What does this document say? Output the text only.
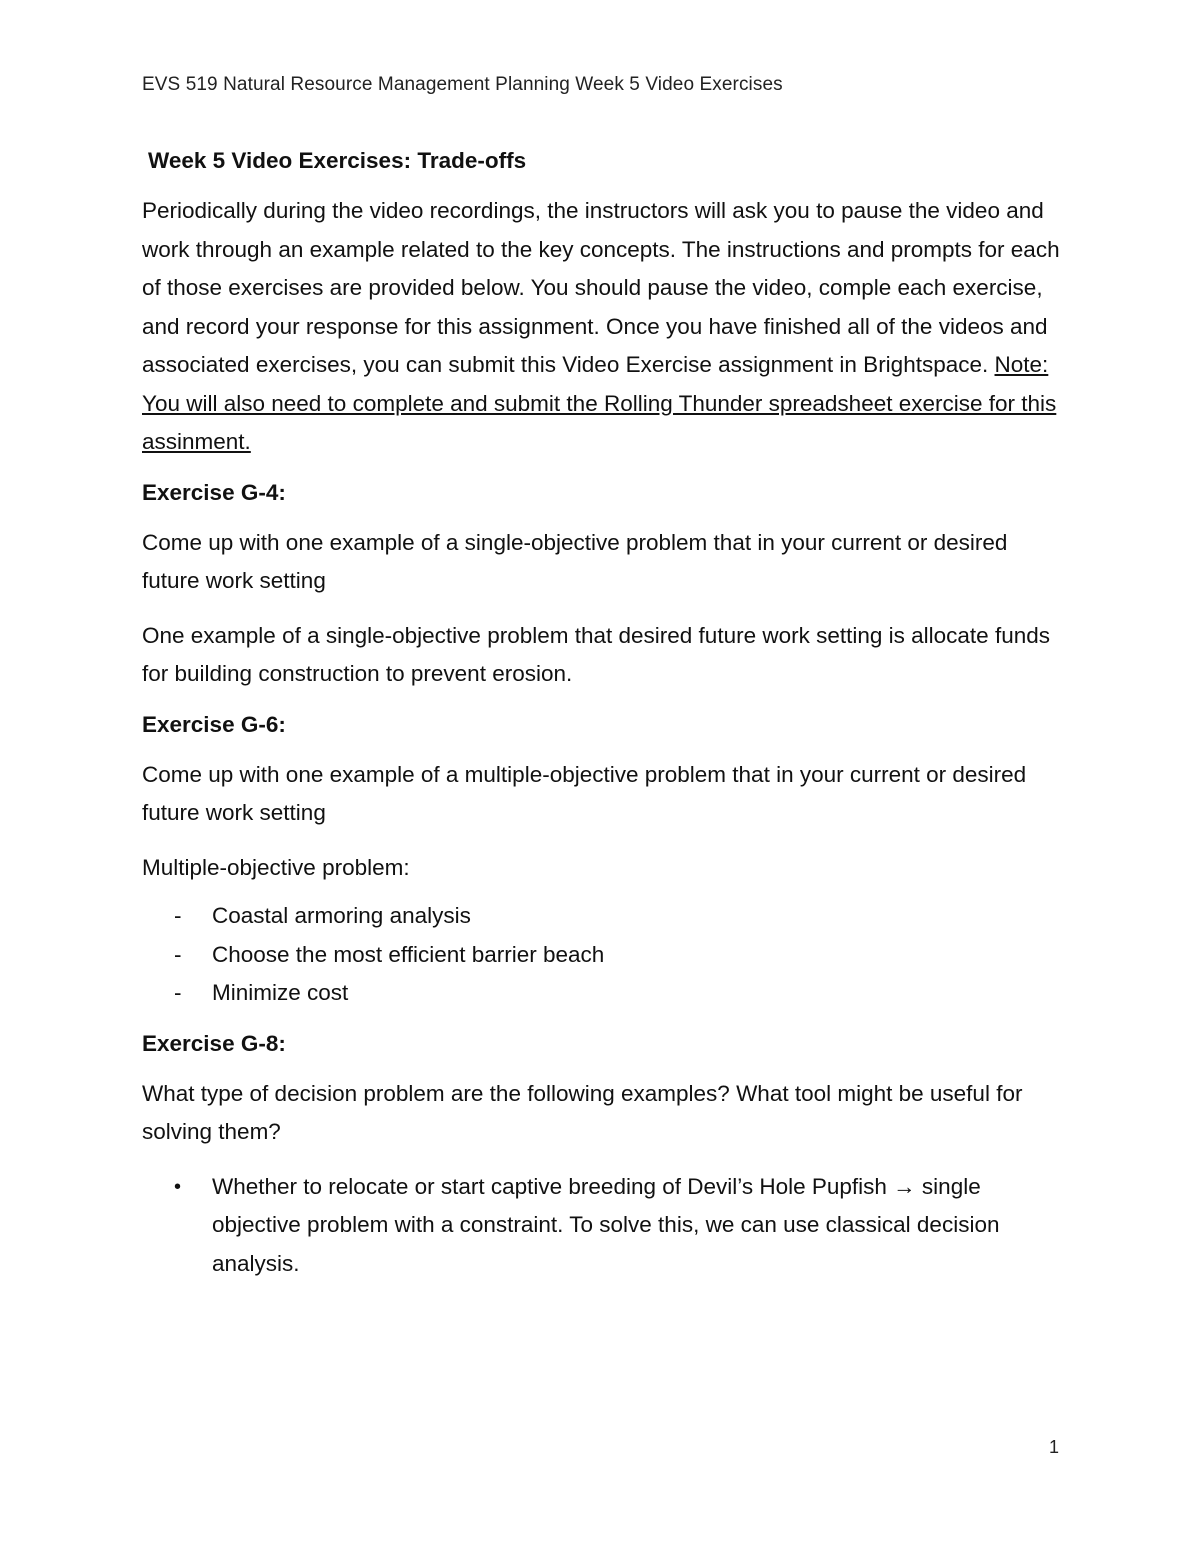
EVS 519 Natural Resource Management Planning Week 5 Video Exercises
Week 5 Video Exercises: Trade-offs

Periodically during the video recordings, the instructors will ask you to pause the video and work through an example related to the key concepts. The instructions and prompts for each of those exercises are provided below. You should pause the video, comple each exercise, and record your response for this assignment. Once you have finished all of the videos and associated exercises, you can submit this Video Exercise assignment in Brightspace. Note: You will also need to complete and submit the Rolling Thunder spreadsheet exercise for this assinment.

Exercise G-4:

Come up with one example of a single-objective problem that in your current or desired future work setting

One example of a single-objective problem that desired future work setting is allocate funds for building construction to prevent erosion.

Exercise G-6:

Come up with one example of a multiple-objective problem that in your current or desired future work setting

Multiple-objective problem:

- Coastal armoring analysis
- Choose the most efficient barrier beach
- Minimize cost
Exercise G-8:

What type of decision problem are the following examples? What tool might be useful for solving them?

• Whether to relocate or start captive breeding of Devil’s Hole Pupfish → single objective problem with a constraint. To solve this, we can use classical decision analysis.
1
